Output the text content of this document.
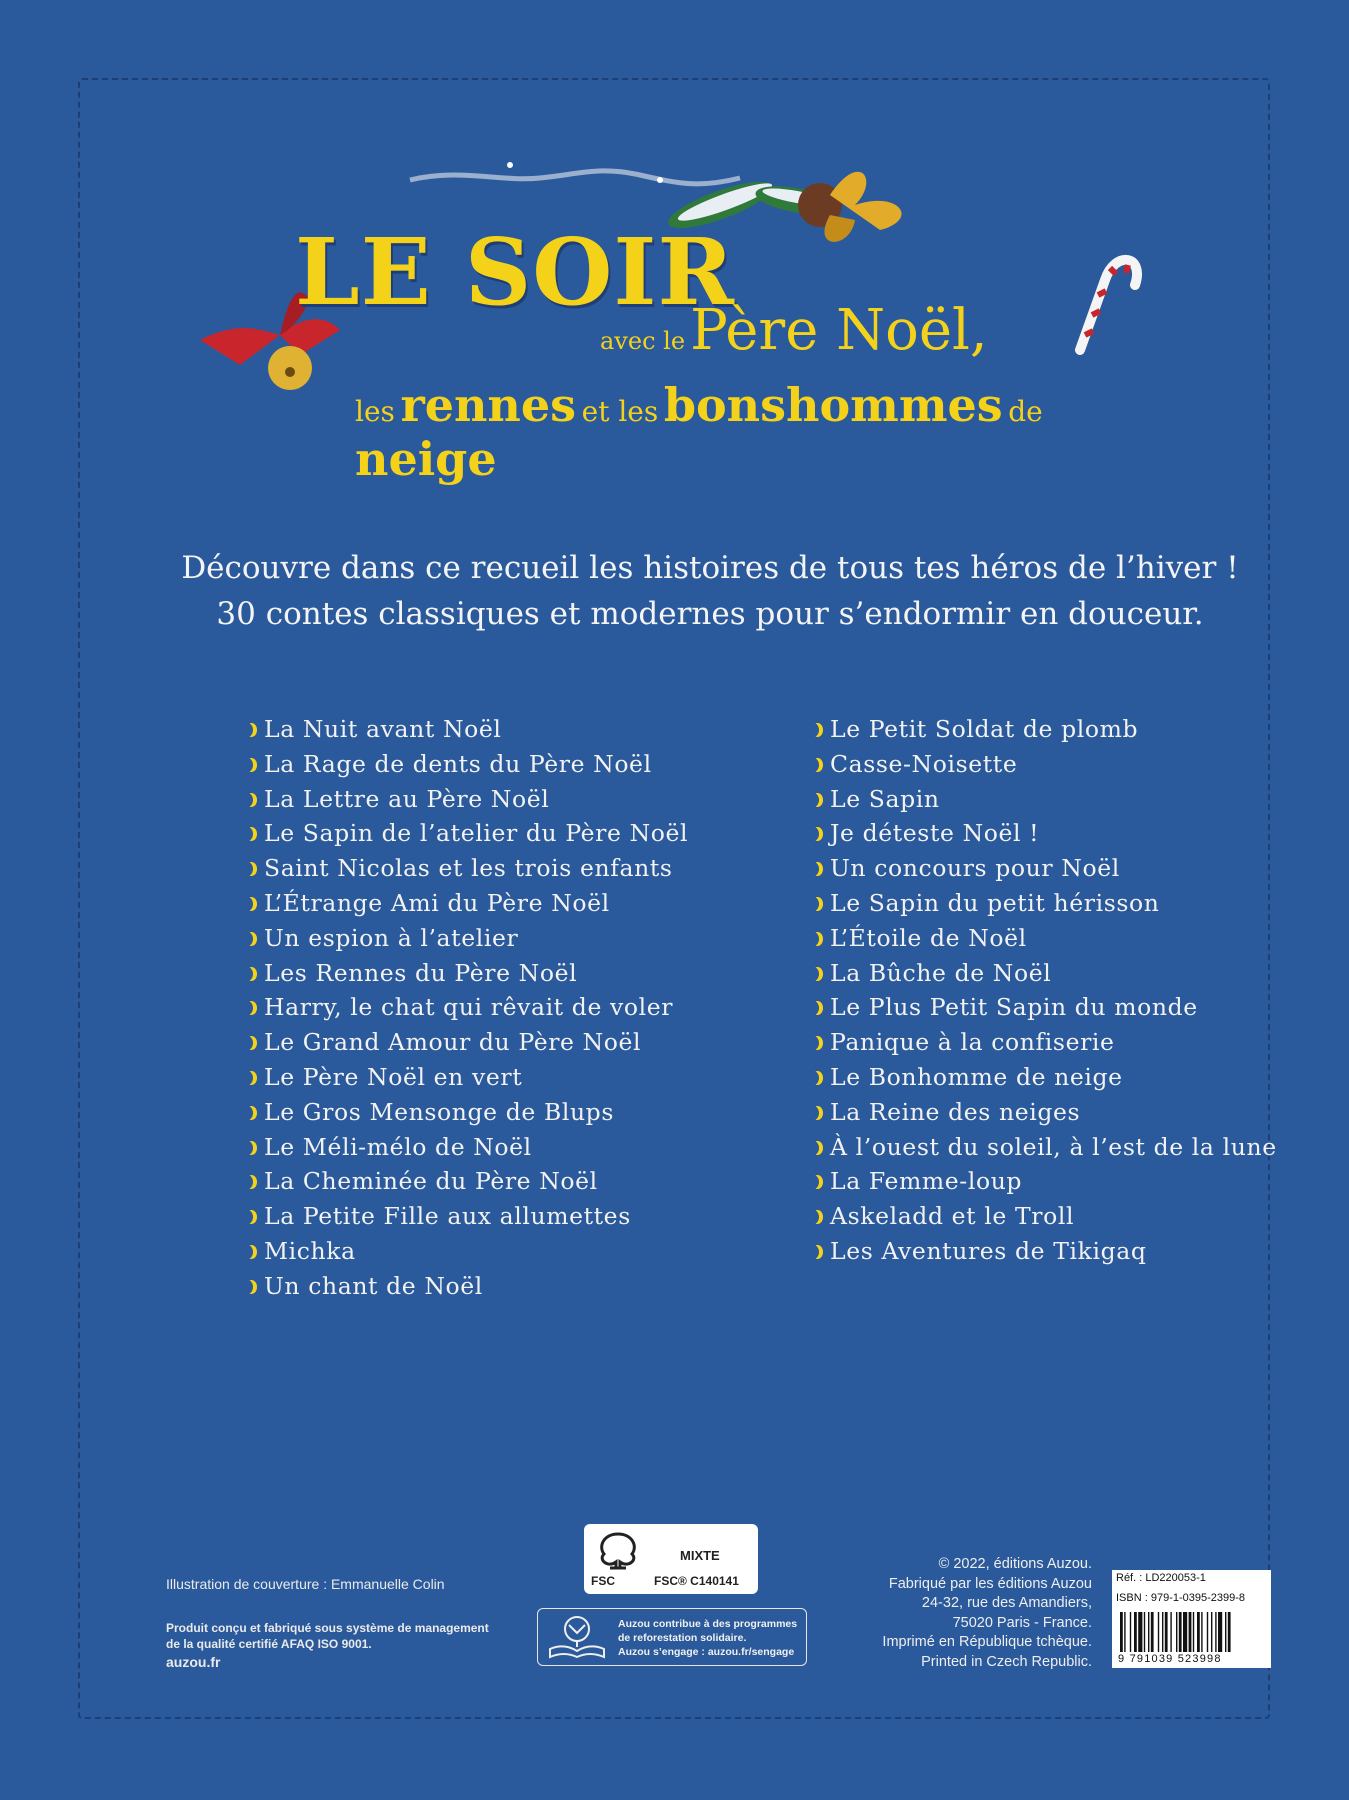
LE SOIR
avec le Père Noël,
les rennes et les bonshommes de neige
Découvre dans ce recueil les histoires de tous tes héros de l’hiver !
30 contes classiques et modernes pour s’endormir en douceur.
La Nuit avant Noël
La Rage de dents du Père Noël
La Lettre au Père Noël
Le Sapin de l’atelier du Père Noël
Saint Nicolas et les trois enfants
L’Étrange Ami du Père Noël
Un espion à l’atelier
Les Rennes du Père Noël
Harry, le chat qui rêvait de voler
Le Grand Amour du Père Noël
Le Père Noël en vert
Le Gros Mensonge de Blups
Le Méli-mélo de Noël
La Cheminée du Père Noël
La Petite Fille aux allumettes
Michka
Un chant de Noël
Le Petit Soldat de plomb
Casse-Noisette
Le Sapin
Je déteste Noël !
Un concours pour Noël
Le Sapin du petit hérisson
L’Étoile de Noël
La Bûche de Noël
Le Plus Petit Sapin du monde
Panique à la confiserie
Le Bonhomme de neige
La Reine des neiges
À l’ouest du soleil, à l’est de la lune
La Femme-loup
Askeladd et le Troll
Les Aventures de Tikigaq
Illustration de couverture : Emmanuelle Colin
Produit conçu et fabriqué sous système de management
de la qualité certifié AFAQ ISO 9001.
auzou.fr
MIXTE
FSC	FSC® C140141
Auzou contribue à des programmes
de reforestation solidaire.
Auzou s’engage : auzou.fr/sengage
© 2022, éditions Auzou.
Fabriqué par les éditions Auzou
24-32, rue des Amandiers,
75020 Paris - France.
Imprimé en République tchèque.
Printed in Czech Republic.
Réf. : LD220053-1
ISBN : 979-1-0395-2399-8
9 791039 523998
